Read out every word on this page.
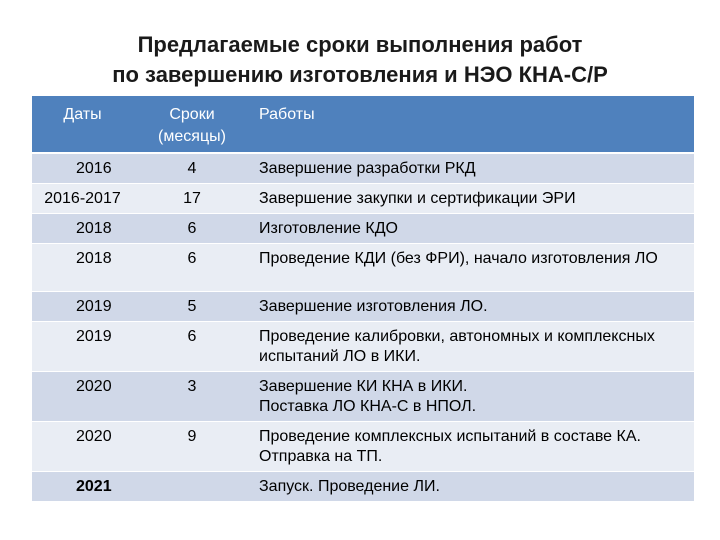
Предлагаемые сроки выполнения работ
по завершению изготовления и НЭО КНА-С/Р
Даты	Сроки (месяцы)	Работы
2016	4	Завершение разработки РКД
2016-2017	17	Завершение закупки и сертификации ЭРИ
2018	6	Изготовление КДО
2018	6	Проведение КДИ (без ФРИ), начало изготовления ЛО
2019	5	Завершение изготовления ЛО.
2019	6	Проведение калибровки, автономных и комплексных испытаний ЛО в ИКИ.
2020	3	Завершение КИ КНА в ИКИ.
Поставка ЛО КНА-С в НПОЛ.

2020	9	Проведение комплексных испытаний в составе КА. Отправка на ТП.
2021		Запуск. Проведение ЛИ.
